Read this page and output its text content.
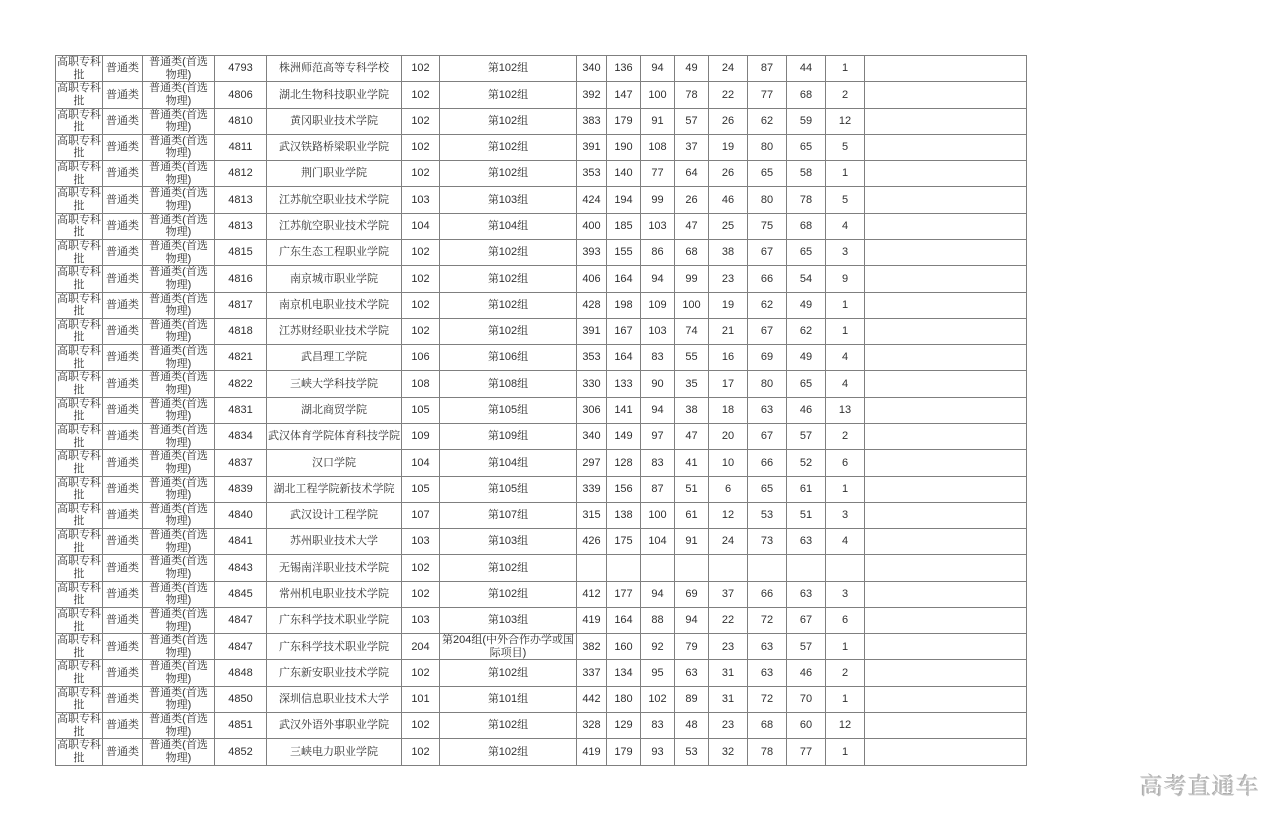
高职专科批	普通类	普通类(首选物理)	4793	株洲师范高等专科学校	102	第102组	340	136	94	49	24	87	44	1	
高职专科批	普通类	普通类(首选物理)	4806	湖北生物科技职业学院	102	第102组	392	147	100	78	22	77	68	2	
高职专科批	普通类	普通类(首选物理)	4810	黄冈职业技术学院	102	第102组	383	179	91	57	26	62	59	12	
高职专科批	普通类	普通类(首选物理)	4811	武汉铁路桥梁职业学院	102	第102组	391	190	108	37	19	80	65	5	
高职专科批	普通类	普通类(首选物理)	4812	荆门职业学院	102	第102组	353	140	77	64	26	65	58	1	
高职专科批	普通类	普通类(首选物理)	4813	江苏航空职业技术学院	103	第103组	424	194	99	26	46	80	78	5	
高职专科批	普通类	普通类(首选物理)	4813	江苏航空职业技术学院	104	第104组	400	185	103	47	25	75	68	4	
高职专科批	普通类	普通类(首选物理)	4815	广东生态工程职业学院	102	第102组	393	155	86	68	38	67	65	3	
高职专科批	普通类	普通类(首选物理)	4816	南京城市职业学院	102	第102组	406	164	94	99	23	66	54	9	
高职专科批	普通类	普通类(首选物理)	4817	南京机电职业技术学院	102	第102组	428	198	109	100	19	62	49	1	
高职专科批	普通类	普通类(首选物理)	4818	江苏财经职业技术学院	102	第102组	391	167	103	74	21	67	62	1	
高职专科批	普通类	普通类(首选物理)	4821	武昌理工学院	106	第106组	353	164	83	55	16	69	49	4	
高职专科批	普通类	普通类(首选物理)	4822	三峡大学科技学院	108	第108组	330	133	90	35	17	80	65	4	
高职专科批	普通类	普通类(首选物理)	4831	湖北商贸学院	105	第105组	306	141	94	38	18	63	46	13	
高职专科批	普通类	普通类(首选物理)	4834	武汉体育学院体育科技学院	109	第109组	340	149	97	47	20	67	57	2	
高职专科批	普通类	普通类(首选物理)	4837	汉口学院	104	第104组	297	128	83	41	10	66	52	6	
高职专科批	普通类	普通类(首选物理)	4839	湖北工程学院新技术学院	105	第105组	339	156	87	51	6	65	61	1	
高职专科批	普通类	普通类(首选物理)	4840	武汉设计工程学院	107	第107组	315	138	100	61	12	53	51	3	
高职专科批	普通类	普通类(首选物理)	4841	苏州职业技术大学	103	第103组	426	175	104	91	24	73	63	4	
高职专科批	普通类	普通类(首选物理)	4843	无锡南洋职业技术学院	102	第102组									
高职专科批	普通类	普通类(首选物理)	4845	常州机电职业技术学院	102	第102组	412	177	94	69	37	66	63	3	
高职专科批	普通类	普通类(首选物理)	4847	广东科学技术职业学院	103	第103组	419	164	88	94	22	72	67	6	
高职专科批	普通类	普通类(首选物理)	4847	广东科学技术职业学院	204	第204组(中外合作办学或国际项目)	382	160	92	79	23	63	57	1	
高职专科批	普通类	普通类(首选物理)	4848	广东新安职业技术学院	102	第102组	337	134	95	63	31	63	46	2	
高职专科批	普通类	普通类(首选物理)	4850	深圳信息职业技术大学	101	第101组	442	180	102	89	31	72	70	1	
高职专科批	普通类	普通类(首选物理)	4851	武汉外语外事职业学院	102	第102组	328	129	83	48	23	68	60	12	
高职专科批	普通类	普通类(首选物理)	4852	三峡电力职业学院	102	第102组	419	179	93	53	32	78	77	1	
高考直通车
